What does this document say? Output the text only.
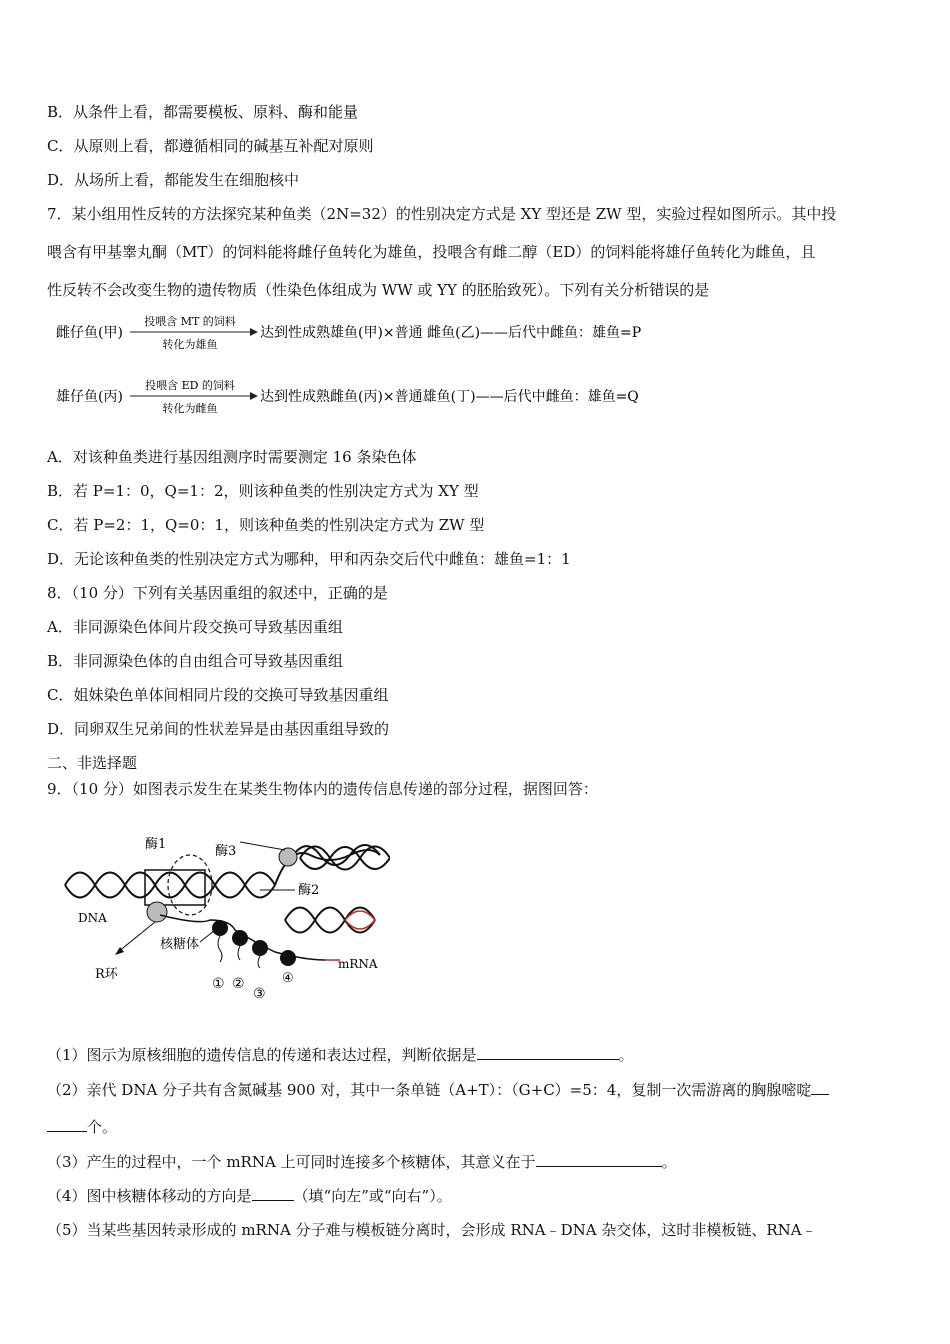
B．从条件上看，都需要模板、原料、酶和能量
C．从原则上看，都遵循相同的碱基互补配对原则
D．从场所上看，都能发生在细胞核中
7．某小组用性反转的方法探究某种鱼类（2N=32）的性别决定方式是 XY 型还是 ZW 型，实验过程如图所示。其中投
喂含有甲基睾丸酮（MT）的饲料能将雌仔鱼转化为雄鱼，投喂含有雌二醇（ED）的饲料能将雄仔鱼转化为雌鱼，且
性反转不会改变生物的遗传物质（性染色体组成为 WW 或 YY 的胚胎致死）。下列有关分析错误的是
雌仔鱼(甲)
投喂含 MT 的饲料
转化为雄鱼
达到性成熟雄鱼(甲)×普通 雌鱼(乙)——后代中雌鱼：雄鱼=P
雄仔鱼(丙)
投喂含 ED 的饲料
转化为雌鱼
达到性成熟雌鱼(丙)×普通雄鱼(丁)——后代中雌鱼：雄鱼=Q
A．对该种鱼类进行基因组测序时需要测定 16 条染色体
B．若 P=1：0，Q=1：2，则该种鱼类的性别决定方式为 XY 型
C．若 P=2：1，Q=0：1，则该种鱼类的性别决定方式为 ZW 型
D．无论该种鱼类的性别决定方式为哪种，甲和丙杂交后代中雌鱼：雄鱼=1：1
8．（10 分）下列有关基因重组的叙述中，正确的是
A．非同源染色体间片段交换可导致基因重组
B．非同源染色体的自由组合可导致基因重组
C．姐妹染色单体间相同片段的交换可导致基因重组
D．同卵双生兄弟间的性状差异是由基因重组导致的
二、非选择题
9．（10 分）如图表示发生在某类生物体内的遗传信息传递的部分过程，据图回答：
酶1	酶3
酶2
DNA
核糖体
R环
mRNA
① ②
③
④
（1）图示为原核细胞的遗传信息的传递和表达过程，判断依据是	。
（2）亲代 DNA 分子共有含氮碱基 900 对，其中一条单链（A+T）：（G+C）=5：4，复制一次需游离的胸腺嘧啶
个。
（3）产生的过程中，一个 mRNA 上可同时连接多个核糖体，其意义在于	。
（4）图中核糖体移动的方向是	（填“向左”或“向右”）。
（5）当某些基因转录形成的 mRNA 分子难与模板链分离时，会形成 RNA﹣DNA 杂交体，这时非模板链、RNA﹣
